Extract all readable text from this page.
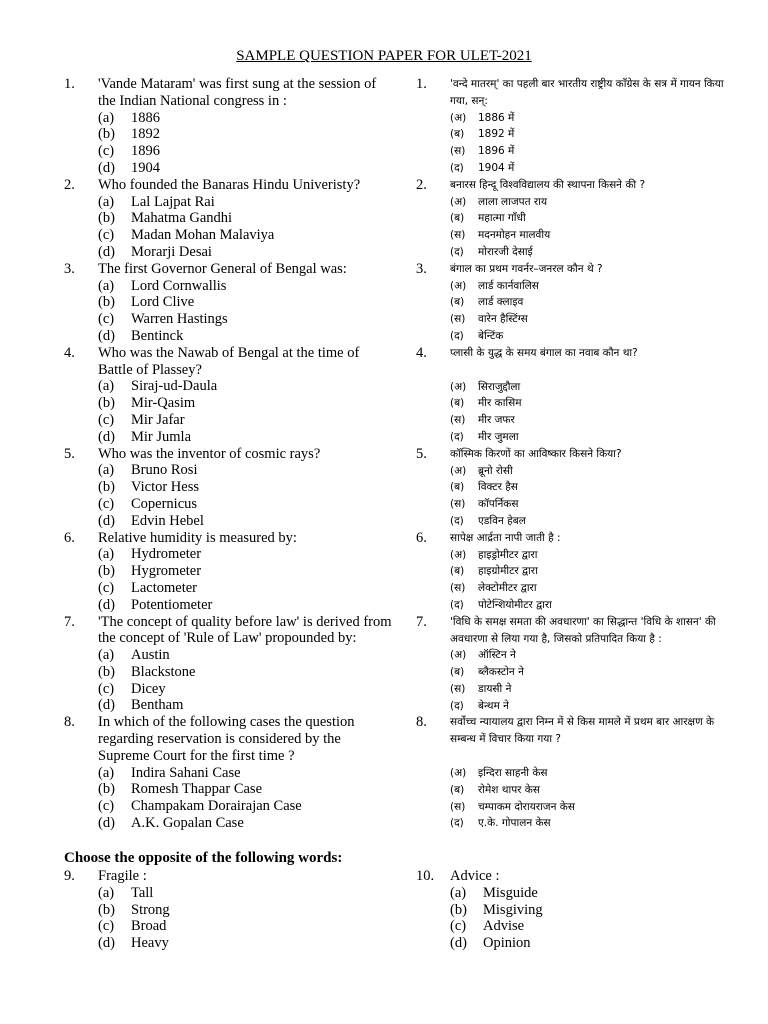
SAMPLE QUESTION PAPER FOR ULET-2021
1.	'Vande Mataram' was first sung at the session of the Indian National congress in :
(a)	1886
(b)	1892
(c)	1896
(d)	1904
2.	Who founded the Banaras Hindu Univeristy?
(a)	Lal Lajpat Rai
(b)	Mahatma Gandhi
(c)	Madan Mohan Malaviya
(d)	Morarji Desai
3.	The first Governor General of Bengal was:
(a)	Lord Cornwallis
(b)	Lord Clive
(c)	Warren Hastings
(d)	Bentinck
4.	Who was the Nawab of Bengal at the time of Battle of Plassey?
(a)	Siraj-ud-Daula
(b)	Mir-Qasim
(c)	Mir Jafar
(d)	Mir Jumla
5.	Who was the inventor of cosmic rays?
(a)	Bruno Rosi
(b)	Victor Hess
(c)	Copernicus
(d)	Edvin Hebel
6.	Relative humidity is measured by:
(a)	Hydrometer
(b)	Hygrometer
(c)	Lactometer
(d)	Potentiometer
7.	'The concept of quality before law' is derived from the concept of 'Rule of Law' propounded by:
(a)	Austin
(b)	Blackstone
(c)	Dicey
(d)	Bentham
8.	In which of the following cases the question regarding reservation is considered by the Supreme Court for the first time ?
(a)	Indira Sahani Case
(b)	Romesh Thappar Case
(c)	Champakam Dorairajan Case
(d)	A.K. Gopalan Case
1.	'वन्दे मातरम्' का पहली बार भारतीय राष्ट्रीय कॉंग्रेस के सत्र में गायन किया गया, सन्:
(अ)	1886 में
(ब)	1892 में
(स)	1896 में
(द)	1904 में
2.	बनारस हिन्दू विश्वविद्यालय की स्थापना किसने की ?
(अ)	लाला लाजपत राय
(ब)	महात्मा गाँधी
(स)	मदनमोहन मालवीय
(द)	मोरारजी देसाई
3.	बंगाल का प्रथम गवर्नर–जनरल कौन थे ?
(अ)	लार्ड कार्नवालिस
(ब)	लार्ड क्लाइव
(स)	वारेन हैस्टिंग्स
(द)	बेन्टिंक
4.	प्लासी के युद्ध के समय बंगाल का नवाब कौन था?
(अ)	सिराजुद्दौला
(ब)	मीर कासिम
(स)	मीर जफर
(द)	मीर जुमला
5.	कॉस्मिक किरणों का आविष्कार किसने किया?
(अ)	ब्रूनो रोसी
(ब)	विक्टर हैस
(स)	कॉपर्निकस
(द)	एडविन हेबल
6.	सापेक्ष आर्द्रता नापी जाती है :
(अ)	हाइड्रोमीटर द्वारा
(ब)	हाइग्रोमीटर द्वारा
(स)	लेक्टोमीटर द्वारा
(द)	पोटेन्शियोमीटर द्वारा
7.	'विधि के समक्ष समता की अवधारणा' का सिद्धान्त 'विधि के शासन' की अवधारणा से लिया गया है, जिसको प्रतिपादित किया है :
(अ)	ऑस्टिन ने
(ब)	ब्लैकस्टोन ने
(स)	डायसी ने
(द)	बेन्थम ने
8.	सर्वोच्च न्यायालय द्वारा निम्न में से किस मामले में प्रथम बार आरक्षण के सम्बन्ध में विचार किया गया ?
(अ)	इन्दिरा साहनी केस
(ब)	रोमेश थापर केस
(स)	चम्पाकम दोरायराजन केस
(द)	ए.के. गोपालन केस
Choose the opposite of the following words:
9.	Fragile :
(a)	Tall
(b)	Strong
(c)	Broad
(d)	Heavy
10.	Advice :
(a)	Misguide
(b)	Misgiving
(c)	Advise
(d)	Opinion
